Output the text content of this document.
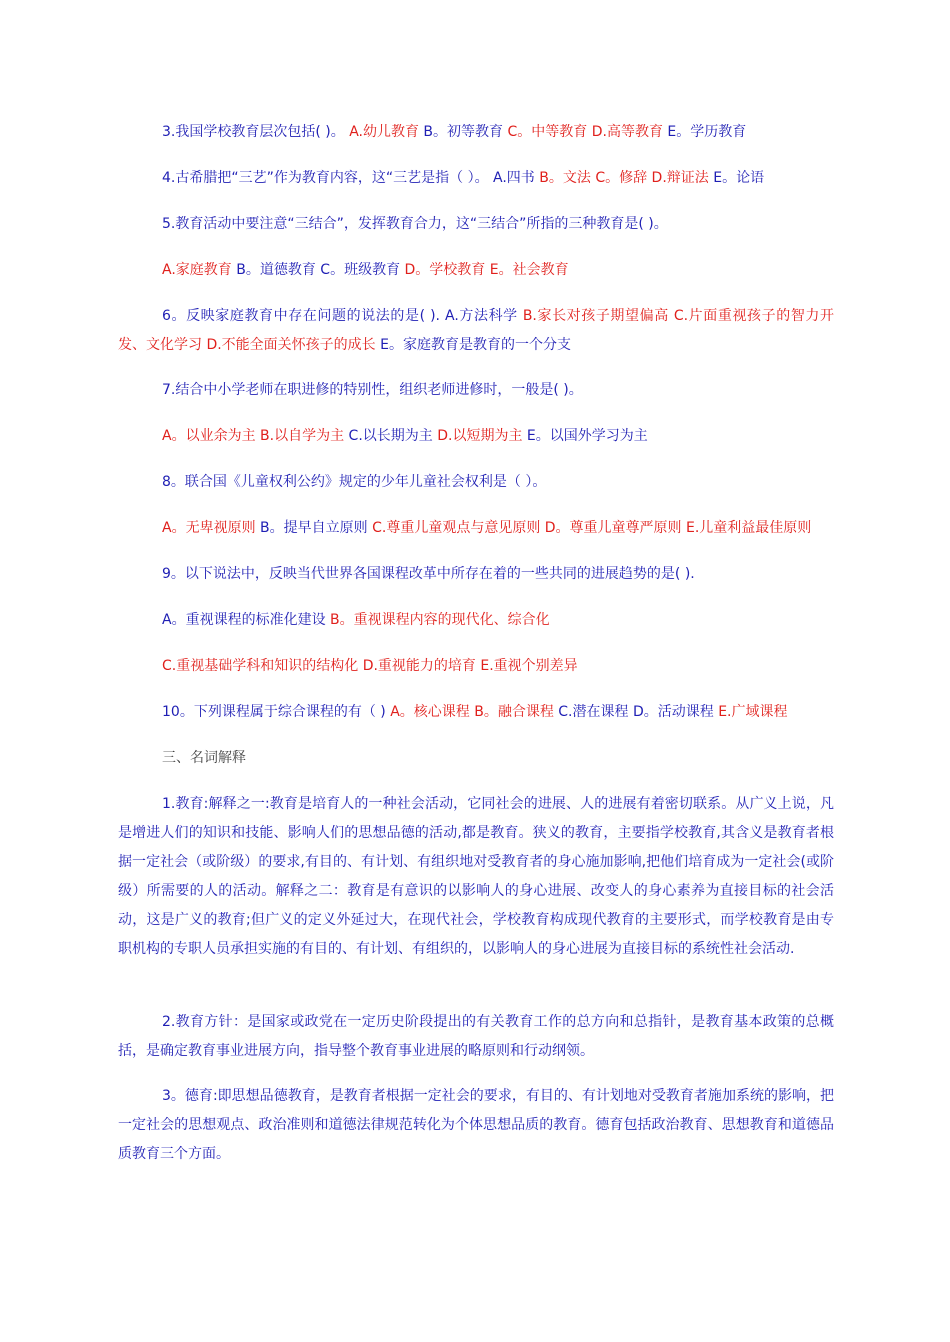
3.我国学校教育层次包括( )。 A.幼儿教育 B。初等教育 C。中等教育 D.高等教育 E。学历教育
4.古希腊把“三艺”作为教育内容，这“三艺是指（ ）。 A.四书 B。文法 C。修辞 D.辩证法 E。论语
5.教育活动中要注意“三结合”，发挥教育合力，这“三结合”所指的三种教育是( )。
A.家庭教育 B。道德教育 C。班级教育 D。学校教育 E。社会教育
6。反映家庭教育中存在问题的说法的是( ). A.方法科学 B.家长对孩子期望偏高 C.片面重视孩子的智力开发、文化学习 D.不能全面关怀孩子的成长 E。家庭教育是教育的一个分支
7.结合中小学老师在职进修的特别性，组织老师进修时，一般是( )。
A。以业余为主 B.以自学为主 C.以长期为主 D.以短期为主 E。以国外学习为主
8。联合国《儿童权利公约》规定的少年儿童社会权利是（ ）。
A。无卑视原则 B。提早自立原则 C.尊重儿童观点与意见原则 D。尊重儿童尊严原则 E.儿童利益最佳原则
9。以下说法中，反映当代世界各国课程改革中所存在着的一些共同的进展趋势的是( ).
A。重视课程的标准化建设 B。重视课程内容的现代化、综合化
C.重视基础学科和知识的结构化 D.重视能力的培育 E.重视个别差异
10。下列课程属于综合课程的有（ ) A。核心课程 B。融合课程 C.潜在课程 D。活动课程 E.广域课程
三、名词解释
1.教育:解释之一:教育是培育人的一种社会活动，它同社会的进展、人的进展有着密切联系。从广义上说，凡是增进人们的知识和技能、影响人们的思想品德的活动,都是教育。狭义的教育，主要指学校教育,其含义是教育者根据一定社会（或阶级）的要求,有目的、有计划、有组织地对受教育者的身心施加影响,把他们培育成为一定社会(或阶级）所需要的人的活动。解释之二：教育是有意识的以影响人的身心进展、改变人的身心素养为直接目标的社会活动，这是广义的教育;但广义的定义外延过大，在现代社会，学校教育构成现代教育的主要形式，而学校教育是由专职机构的专职人员承担实施的有目的、有计划、有组织的，以影响人的身心进展为直接目标的系统性社会活动.
2.教育方针：是国家或政党在一定历史阶段提出的有关教育工作的总方向和总指针，是教育基本政策的总概括，是确定教育事业进展方向，指导整个教育事业进展的略原则和行动纲领。
3。德育:即思想品德教育，是教育者根据一定社会的要求，有目的、有计划地对受教育者施加系统的影响，把一定社会的思想观点、政治准则和道德法律规范转化为个体思想品质的教育。德育包括政治教育、思想教育和道德品质教育三个方面。
